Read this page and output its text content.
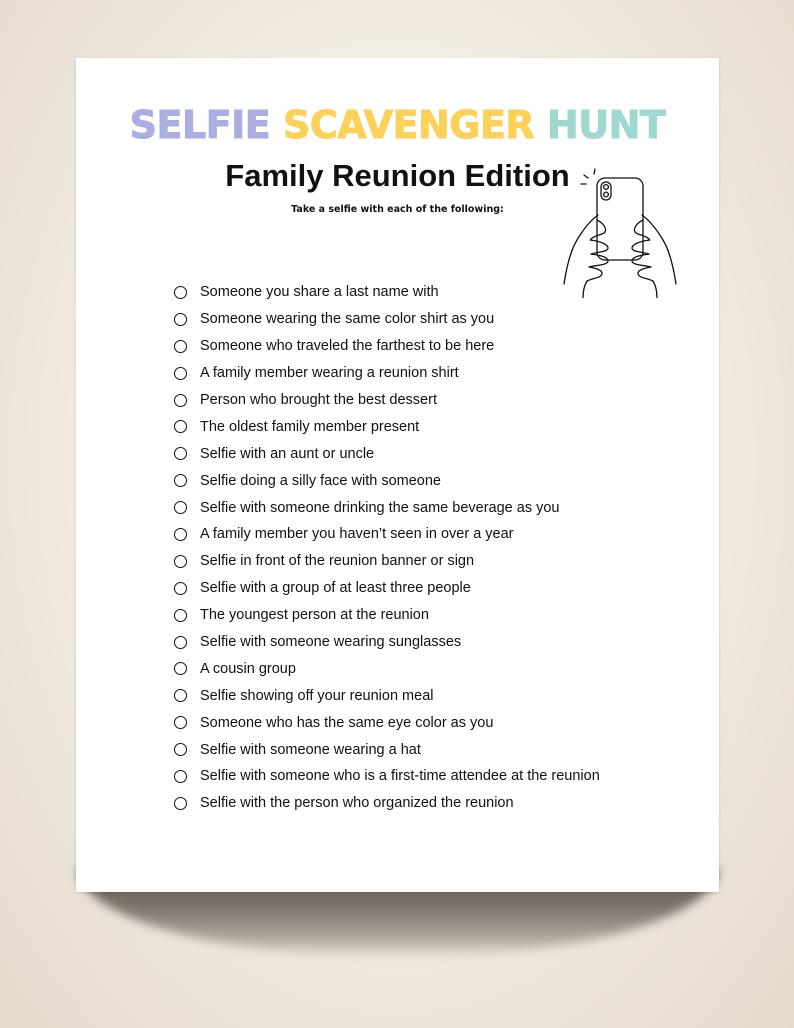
SELFIE SCAVENGER HUNT
Family Reunion Edition
Take a selfie with each of the following:
Someone you share a last name with
Someone wearing the same color shirt as you
Someone who traveled the farthest to be here
A family member wearing a reunion shirt
Person who brought the best dessert
The oldest family member present
Selfie with an aunt or uncle
Selfie doing a silly face with someone
Selfie with someone drinking the same beverage as you
A family member you haven’t seen in over a year
Selfie in front of the reunion banner or sign
Selfie with a group of at least three people
The youngest person at the reunion
Selfie with someone wearing sunglasses
A cousin group
Selfie showing off your reunion meal
Someone who has the same eye color as you
Selfie with someone wearing a hat
Selfie with someone who is a first-time attendee at the reunion
Selfie with the person who organized the reunion
